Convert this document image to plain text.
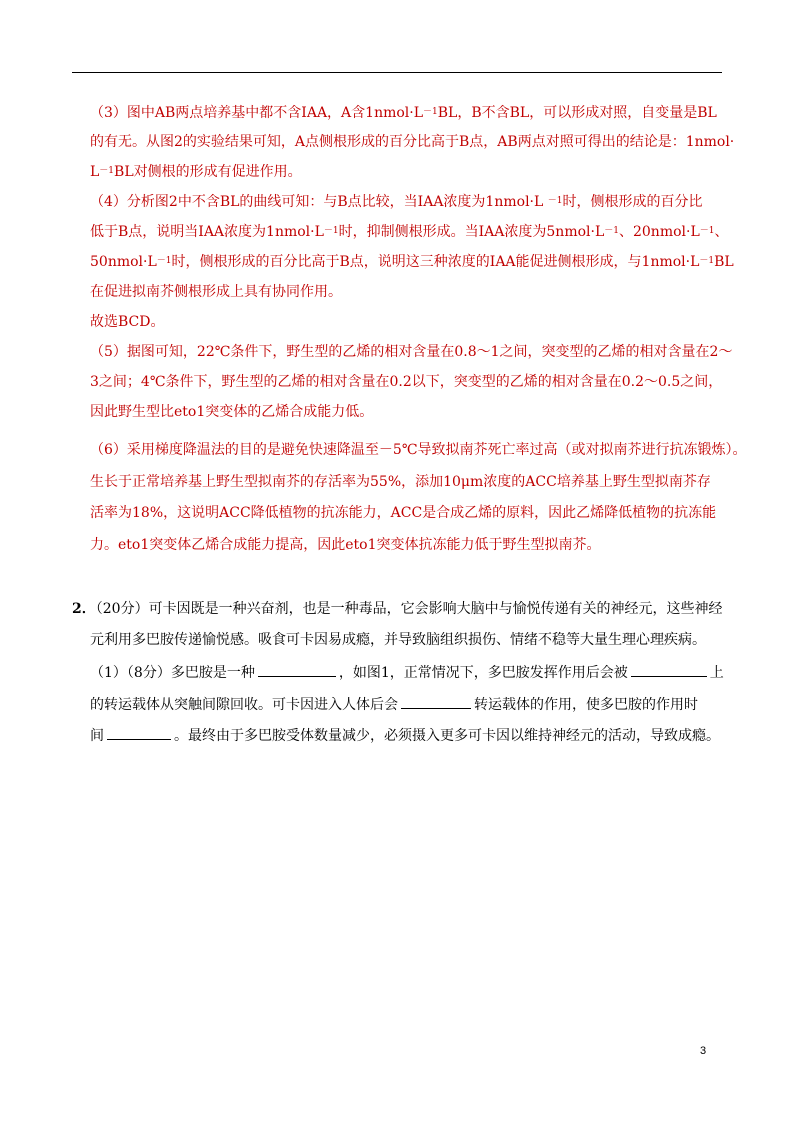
（3）图中AB两点培养基中都不含IAA，A含$1nmol\cdot L^{-1}BL$，B不含BL，可以形成对照，自变量是BL
的有无。从图2的实验结果可知，A点侧根形成的百分比高于B点，AB两点对照可得出的结论是：1nmol·
$L^{-1}BL$对侧根的形成有促进作用。
（4）分析图2中不含BL的曲线可知：与B点比较，当IAA浓度为1nmol·L $^{-1}$时，侧根形成的百分比
低于B点，说明当IAA浓度为$1nmol\cdot L^{-1}$时，抑制侧根形成。当IAA浓度为$5nmol\cdot L^{-1}$、$20nmol\cdot L^{-1}$、
$50nmol\cdot L^{-1}$时，侧根形成的百分比高于B点，说明这三种浓度的IAA能促进侧根形成，与$1nmol\cdot L^{-1}BL$
在促进拟南芥侧根形成上具有协同作用。
故选BCD。
（5）据图可知，22℃条件下，野生型的乙烯的相对含量在0.8～1之间，突变型的乙烯的相对含量在2～
3之间；4℃条件下，野生型的乙烯的相对含量在0.2以下，突变型的乙烯的相对含量在0.2～0.5之间，
因此野生型比eto1突变体的乙烯合成能力低。
（6）采用梯度降温法的目的是避免快速降温至－5℃导致拟南芥死亡率过高（或对拟南芥进行抗冻锻炼）。
生长于正常培养基上野生型拟南芥的存活率为55%，添加10μm浓度的ACC培养基上野生型拟南芥存
活率为18%，这说明ACC降低植物的抗冻能力，ACC是合成乙烯的原料，因此乙烯降低植物的抗冻能
力。eto1突变体乙烯合成能力提高，因此eto1突变体抗冻能力低于野生型拟南芥。
2．（20分）可卡因既是一种兴奋剂，也是一种毒品，它会影响大脑中与愉悦传递有关的神经元，这些神经
元利用多巴胺传递愉悦感。吸食可卡因易成瘾，并导致脑组织损伤、情绪不稳等大量生理心理疾病。
（1）（8分）多巴胺是一种	，如图1，正常情况下，多巴胺发挥作用后会被	上
的转运载体从突触间隙回收。可卡因进入人体后会	转运载体的作用，使多巴胺的作用时
间	。最终由于多巴胺受体数量减少，必须摄入更多可卡因以维持神经元的活动，导致成瘾。
3
